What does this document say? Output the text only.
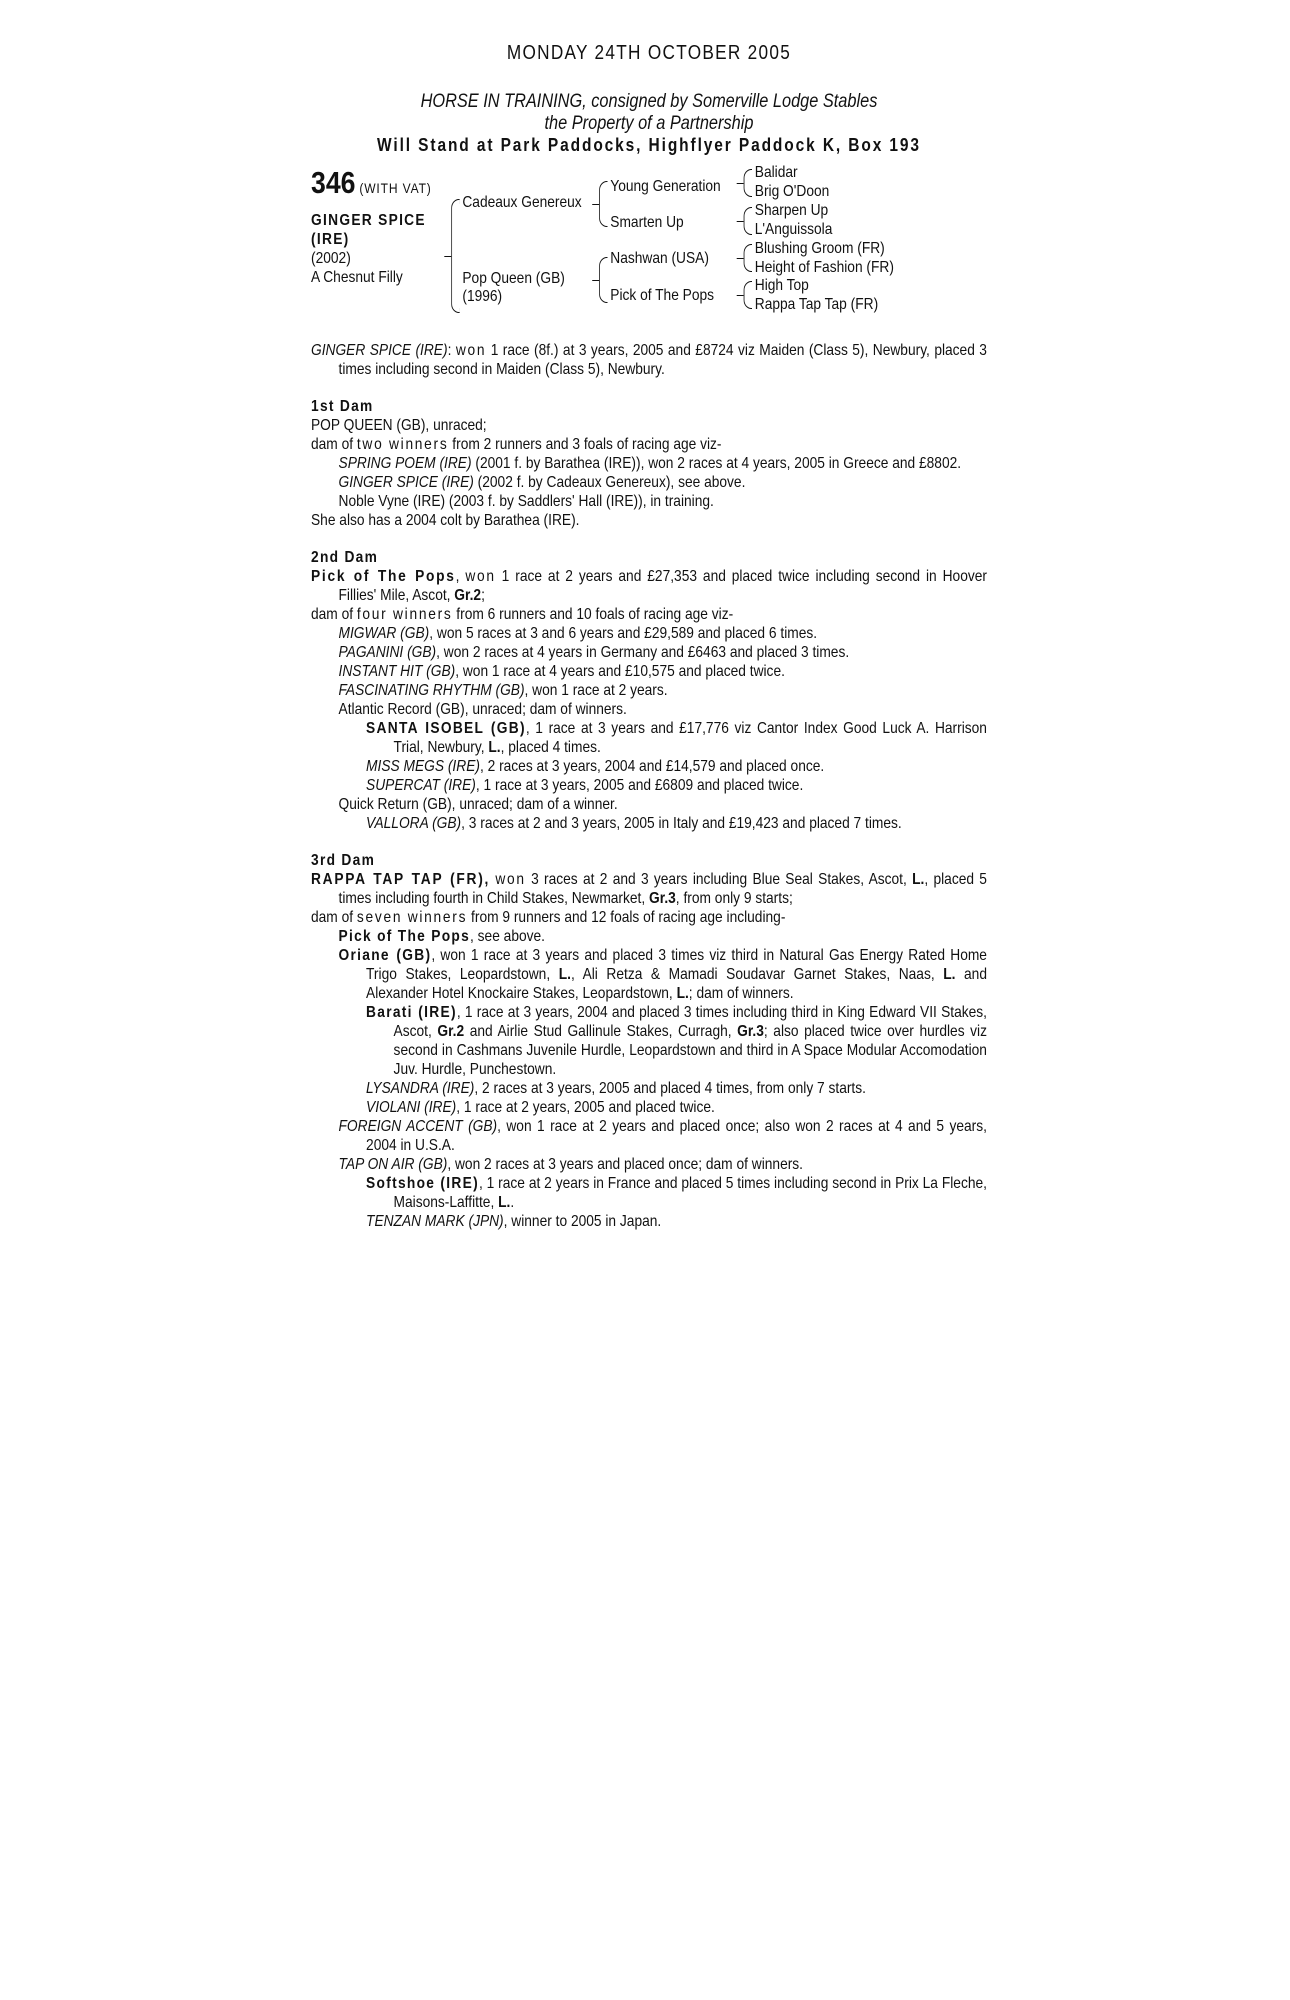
MONDAY 24TH OCTOBER 2005
HORSE IN TRAINING, consigned by Somerville Lodge Stables
the Property of a Partnership
Will Stand at Park Paddocks, Highflyer Paddock K, Box 193
346 (WITH VAT)
GINGER SPICE
(IRE)
(2002)
A Chesnut Filly
Cadeaux Genereux
Pop Queen (GB)
(1996)
Young Generation
Smarten Up
Nashwan (USA)
Pick of The Pops
Balidar
Brig O'Doon
Sharpen Up
L'Anguissola
Blushing Groom (FR)
Height of Fashion (FR)
High Top
Rappa Tap Tap (FR)
GINGER SPICE (IRE): won 1 race (8f.) at 3 years, 2005 and £8724 viz Maiden (Class 5), Newbury, placed 3 times including second in Maiden (Class 5), Newbury.
1st Dam
POP QUEEN (GB), unraced;
dam of two winners from 2 runners and 3 foals of racing age viz-
SPRING POEM (IRE) (2001 f. by Barathea (IRE)), won 2 races at 4 years, 2005 in Greece and £8802.
GINGER SPICE (IRE) (2002 f. by Cadeaux Genereux), see above.
Noble Vyne (IRE) (2003 f. by Saddlers' Hall (IRE)), in training.
She also has a 2004 colt by Barathea (IRE).
2nd Dam
Pick of The Pops, won 1 race at 2 years and £27,353 and placed twice including second in Hoover Fillies' Mile, Ascot, Gr.2;
dam of four winners from 6 runners and 10 foals of racing age viz-
MIGWAR (GB), won 5 races at 3 and 6 years and £29,589 and placed 6 times.
PAGANINI (GB), won 2 races at 4 years in Germany and £6463 and placed 3 times.
INSTANT HIT (GB), won 1 race at 4 years and £10,575 and placed twice.
FASCINATING RHYTHM (GB), won 1 race at 2 years.
Atlantic Record (GB), unraced; dam of winners.
SANTA ISOBEL (GB), 1 race at 3 years and £17,776 viz Cantor Index Good Luck A. Harrison Trial, Newbury, L., placed 4 times.
MISS MEGS (IRE), 2 races at 3 years, 2004 and £14,579 and placed once.
SUPERCAT (IRE), 1 race at 3 years, 2005 and £6809 and placed twice.
Quick Return (GB), unraced; dam of a winner.
VALLORA (GB), 3 races at 2 and 3 years, 2005 in Italy and £19,423 and placed 7 times.
3rd Dam
RAPPA TAP TAP (FR), won 3 races at 2 and 3 years including Blue Seal Stakes, Ascot, L., placed 5 times including fourth in Child Stakes, Newmarket, Gr.3, from only 9 starts;
dam of seven winners from 9 runners and 12 foals of racing age including-
Pick of The Pops, see above.
Oriane (GB), won 1 race at 3 years and placed 3 times viz third in Natural Gas Energy Rated Home Trigo Stakes, Leopardstown, L., Ali Retza & Mamadi Soudavar Garnet Stakes, Naas, L. and Alexander Hotel Knockaire Stakes, Leopardstown, L.; dam of winners.
Barati (IRE), 1 race at 3 years, 2004 and placed 3 times including third in King Edward VII Stakes, Ascot, Gr.2 and Airlie Stud Gallinule Stakes, Curragh, Gr.3; also placed twice over hurdles viz second in Cashmans Juvenile Hurdle, Leopardstown and third in A Space Modular Accomodation Juv. Hurdle, Punchestown.
LYSANDRA (IRE), 2 races at 3 years, 2005 and placed 4 times, from only 7 starts.
VIOLANI (IRE), 1 race at 2 years, 2005 and placed twice.
FOREIGN ACCENT (GB), won 1 race at 2 years and placed once; also won 2 races at 4 and 5 years, 2004 in U.S.A.
TAP ON AIR (GB), won 2 races at 3 years and placed once; dam of winners.
Softshoe (IRE), 1 race at 2 years in France and placed 5 times including second in Prix La Fleche, Maisons-Laffitte, L..
TENZAN MARK (JPN), winner to 2005 in Japan.
